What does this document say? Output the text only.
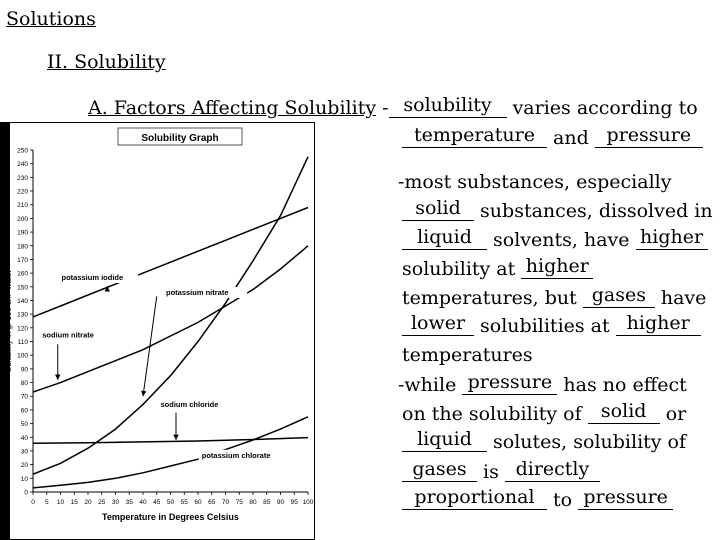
Solutions
II. Solubility
A. Factors Affecting Solubility - solubility varies according to
temperature and pressure
-most substances, especially
solid substances, dissolved in
liquid solvents, have higher
solubility at higher
temperatures, but gases have
lower solubilities at higher
temperatures
-while pressure has no effect
on the solubility of solid or
liquid solutes, solubility of
gases is directly
proportional to pressure
Solubility Graph
0
10
20
30
40
50
60
70
80
90
100
110
120
130
140
150
160
170
180
190
200
210
220
230
240
250
0 5 10 15 20 25 30 35 40 45 50 55 60 65 70 75 80 85 90 95 100
Temperature in Degrees Celsius
Solubility in g/ 100 cm³ water	potassium iodide
potassium nitrate
sodium nitrate
sodium chloride
potassium chlorate
